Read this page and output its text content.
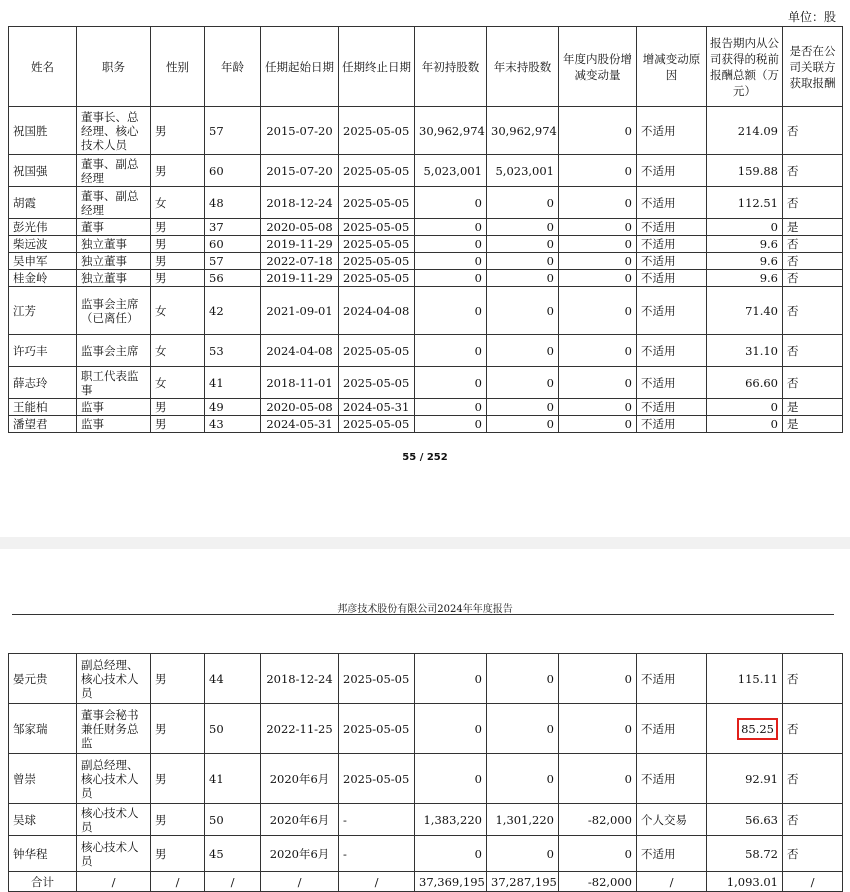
单位：股
姓名	职务	性别	年龄	任期起始日期	任期终止日期	年初持股数	年末持股数	年度内股份增减变动量	增减变动原因	报告期内从公司获得的税前报酬总额（万元）	是否在公司关联方获取报酬
祝国胜	董事长、总经理、核心技术人员	男	57	2015-07-20	2025-05-05	30,962,974	30,962,974	0	不适用	214.09	否
祝国强	董事、副总经理	男	60	2015-07-20	2025-05-05	5,023,001	5,023,001	0	不适用	159.88	否
胡霞	董事、副总经理	女	48	2018-12-24	2025-05-05	0	0	0	不适用	112.51	否
彭光伟	董事	男	37	2020-05-08	2025-05-05	0	0	0	不适用	0	是
柴远波	独立董事	男	60	2019-11-29	2025-05-05	0	0	0	不适用	9.6	否
吴申军	独立董事	男	57	2022-07-18	2025-05-05	0	0	0	不适用	9.6	否
桂金岭	独立董事	男	56	2019-11-29	2025-05-05	0	0	0	不适用	9.6	否
江芳	监事会主席（已离任）	女	42	2021-09-01	2024-04-08	0	0	0	不适用	71.40	否
许巧丰	监事会主席	女	53	2024-04-08	2025-05-05	0	0	0	不适用	31.10	否
薛志玲	职工代表监事	女	41	2018-11-01	2025-05-05	0	0	0	不适用	66.60	否
王能柏	监事	男	49	2020-05-08	2024-05-31	0	0	0	不适用	0	是
潘望君	监事	男	43	2024-05-31	2025-05-05	0	0	0	不适用	0	是
55 / 252
邦彦技术股份有限公司2024年年度报告
晏元贵	副总经理、核心技术人员	男	44	2018-12-24	2025-05-05	0	0	0	不适用	115.11	否
邹家瑞	董事会秘书兼任财务总监	男	50	2022-11-25	2025-05-05	0	0	0	不适用	85.25	否
曾崇	副总经理、核心技术人员	男	41	2020年6月	2025-05-05	0	0	0	不适用	92.91	否
吴球	核心技术人员	男	50	2020年6月	-	1,383,220	1,301,220	-82,000	个人交易	56.63	否
钟华程	核心技术人员	男	45	2020年6月	-	0	0	0	不适用	58.72	否
合计	/	/	/	/	/	37,369,195	37,287,195	-82,000	/	1,093.01	/
